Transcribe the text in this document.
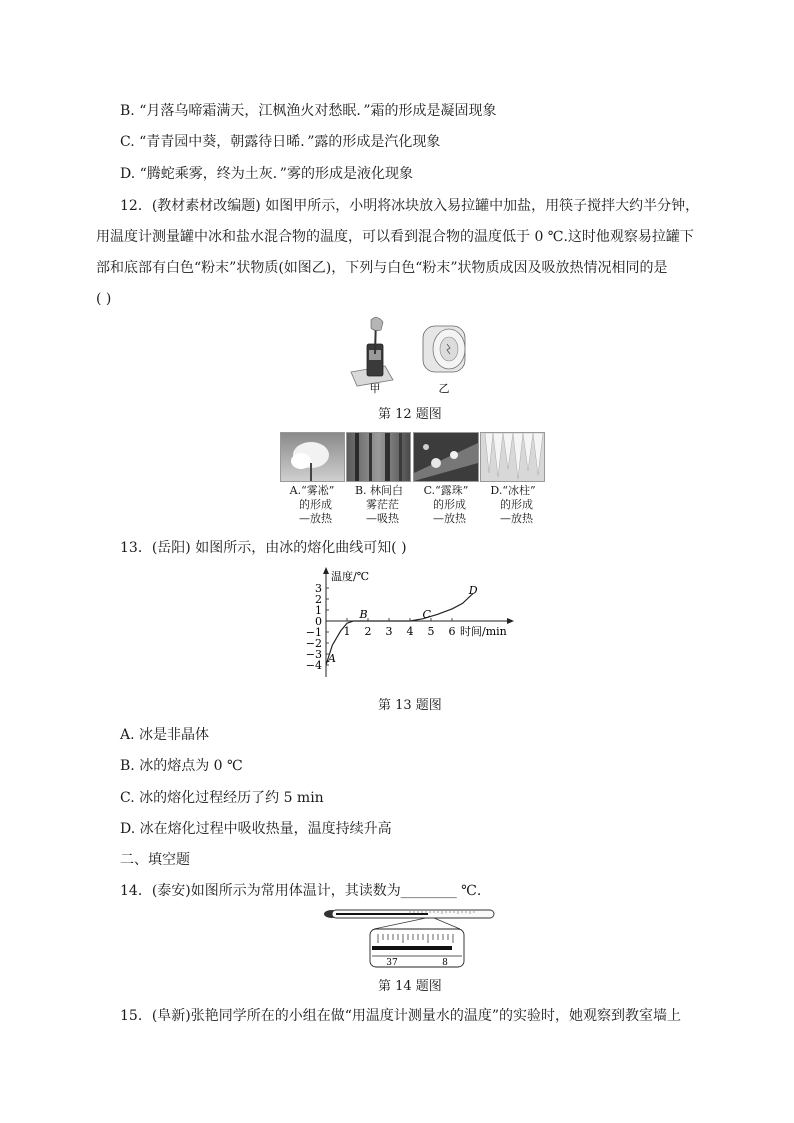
B. “月落乌啼霜满天，江枫渔火对愁眠．”霜的形成是凝固现象
C. “青青园中葵，朝露待日晞．”露的形成是汽化现象
D. “腾蛇乘雾，终为土灰．”雾的形成是液化现象
12．(教材素材改编题) 如图甲所示，小明将冰块放入易拉罐中加盐，用筷子搅拌大约半分钟，
用温度计测量罐中冰和盐水混合物的温度，可以看到混合物的温度低于 0 ℃.这时他观察易拉罐下
部和底部有白色“粉末”状物质(如图乙)，下列与白色“粉末”状物质成因及吸放热情况相同的是
( )
甲	乙
第 12 题图
A.“雾凇”
的形成
—放热
B. 林间白
雾茫茫
—吸热
C.“露珠”
的形成
—放热
D.“冰柱”
的形成
—放热
13．(岳阳) 如图所示，由冰的熔化曲线可知( )
温度/℃
时间/min
1 2 3 4 5 6
3
2
1
0
−1
−2
−3
−4
A
B	C
D
第 13 题图
A. 冰是非晶体
B. 冰的熔点为 0 ℃
C. 冰的熔化过程经历了约 5 min
D. 冰在熔化过程中吸收热量，温度持续升高
二、填空题
14．(泰安)如图所示为常用体温计，其读数为________ ℃.
37	8
第 14 题图
15．(阜新)张艳同学所在的小组在做“用温度计测量水的温度”的实验时，她观察到教室墙上
